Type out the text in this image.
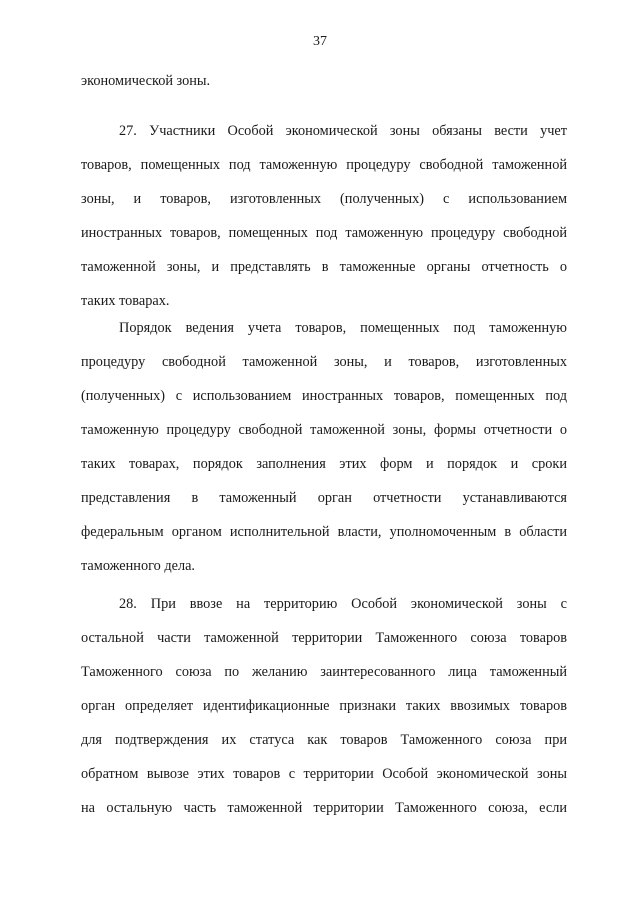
37
экономической зоны.
27. Участники Особой экономической зоны обязаны вести учет
товаров, помещенных под таможенную процедуру свободной таможенной
зоны, и товаров, изготовленных (полученных) с использованием
иностранных товаров, помещенных под таможенную процедуру свободной
таможенной зоны, и представлять в таможенные органы отчетность о
таких товарах.
Порядок ведения учета товаров, помещенных под таможенную
процедуру свободной таможенной зоны, и товаров, изготовленных
(полученных) с использованием иностранных товаров, помещенных под
таможенную процедуру свободной таможенной зоны, формы отчетности о
таких товарах, порядок заполнения этих форм и порядок и сроки
представления в таможенный орган отчетности устанавливаются
федеральным органом исполнительной власти, уполномоченным в области
таможенного дела.
28. При ввозе на территорию Особой экономической зоны с
остальной части таможенной территории Таможенного союза товаров
Таможенного союза по желанию заинтересованного лица таможенный
орган определяет идентификационные признаки таких ввозимых товаров
для подтверждения их статуса как товаров Таможенного союза при
обратном вывозе этих товаров с территории Особой экономической зоны
на остальную часть таможенной территории Таможенного союза, если
